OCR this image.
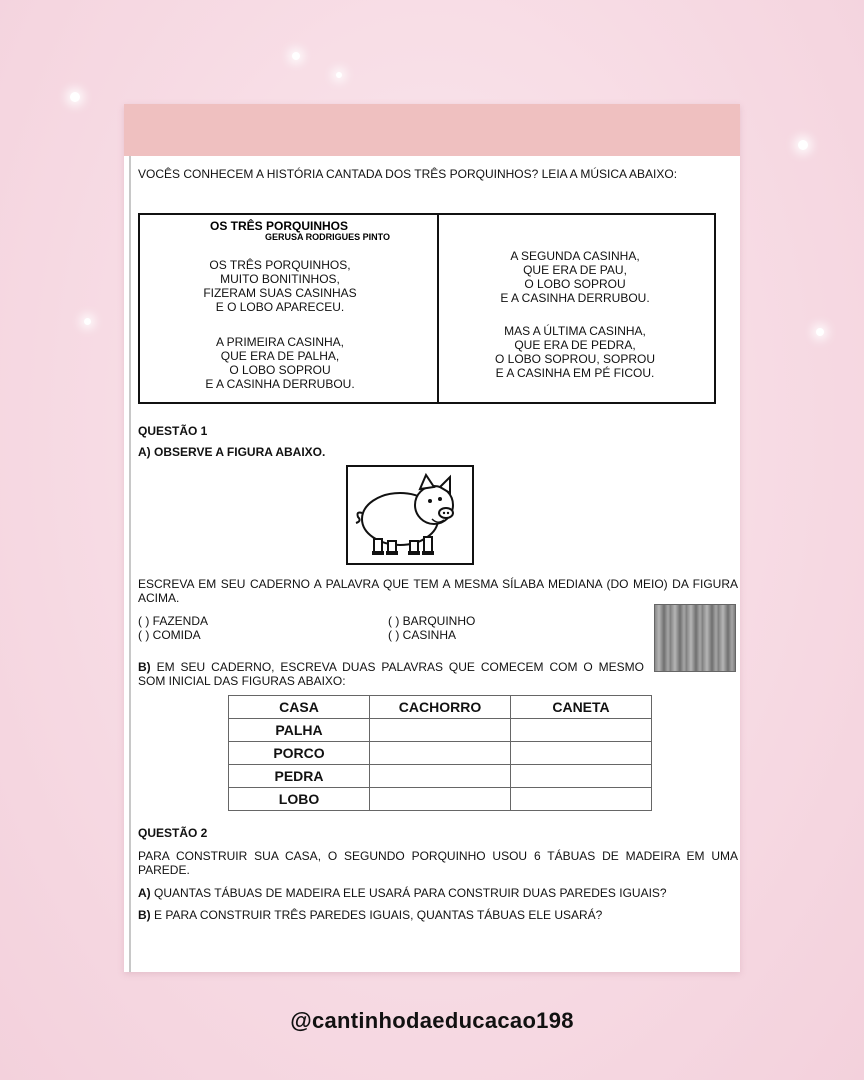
VOCÊS CONHECEM A HISTÓRIA CANTADA DOS TRÊS PORQUINHOS? LEIA A MÚSICA ABAIXO:
OS TRÊS PORQUINHOS
GERUSA RODRIGUES PINTO
OS TRÊS PORQUINHOS,
MUITO BONITINHOS,
FIZERAM SUAS CASINHAS
E O LOBO APARECEU.
A PRIMEIRA CASINHA,
QUE ERA DE PALHA,
O LOBO SOPROU
E A CASINHA DERRUBOU.
A SEGUNDA CASINHA,
QUE ERA DE PAU,
O LOBO SOPROU
E A CASINHA DERRUBOU.
MAS A ÚLTIMA CASINHA,
QUE ERA DE PEDRA,
O LOBO SOPROU, SOPROU
E A CASINHA EM PÉ FICOU.
QUESTÃO 1
A) OBSERVE A FIGURA ABAIXO.
ESCREVA EM SEU CADERNO A PALAVRA QUE TEM A MESMA SÍLABA MEDIANA (DO MEIO) DA FIGURA ACIMA.
( ) FAZENDA
( ) COMIDA
( ) BARQUINHO
( ) CASINHA
B) EM SEU CADERNO, ESCREVA DUAS PALAVRAS QUE COMECEM COM O MESMO SOM INICIAL DAS FIGURAS ABAIXO:
CASA	CACHORRO	CANETA
PALHA		
PORCO		
PEDRA		
LOBO		
QUESTÃO 2
PARA CONSTRUIR SUA CASA, O SEGUNDO PORQUINHO USOU 6 TÁBUAS DE MADEIRA EM UMA PAREDE.
A) QUANTAS TÁBUAS DE MADEIRA ELE USARÁ PARA CONSTRUIR DUAS PAREDES IGUAIS?
B) E PARA CONSTRUIR TRÊS PAREDES IGUAIS, QUANTAS TÁBUAS ELE USARÁ?
@cantinhodaeducacao198
